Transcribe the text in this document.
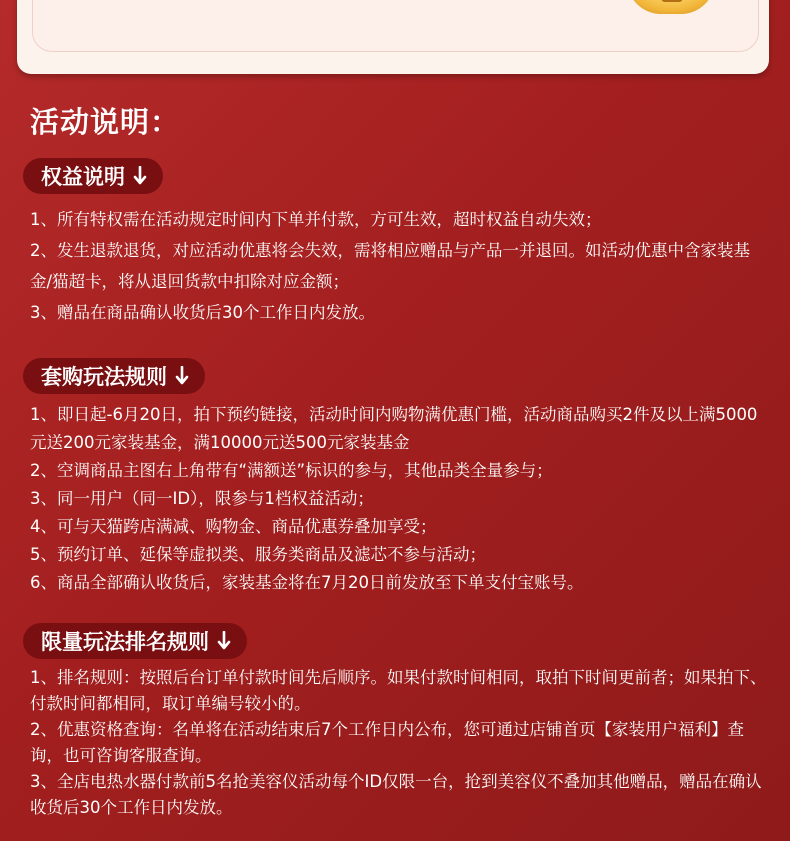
活动说明：
权益说明
1、所有特权需在活动规定时间内下单并付款，方可生效，超时权益自动失效；
2、发生退款退货，对应活动优惠将会失效，需将相应赠品与产品一并退回。如活动优惠中含家装基金/猫超卡，将从退回货款中扣除对应金额；
3、赠品在商品确认收货后30个工作日内发放。
套购玩法规则
1、即日起-6月20日，拍下预约链接，活动时间内购物满优惠门槛，活动商品购买2件及以上满5000元送200元家装基金，满10000元送500元家装基金
2、空调商品主图右上角带有“满额送”标识的参与，其他品类全量参与；
3、同一用户（同一ID），限参与1档权益活动；
4、可与天猫跨店满减、购物金、商品优惠券叠加享受；
5、预约订单、延保等虚拟类、服务类商品及滤芯不参与活动；
6、商品全部确认收货后，家装基金将在7月20日前发放至下单支付宝账号。
限量玩法排名规则
1、排名规则：按照后台订单付款时间先后顺序。如果付款时间相同，取拍下时间更前者；如果拍下、付款时间都相同，取订单编号较小的。
2、优惠资格查询：名单将在活动结束后7个工作日内公布，您可通过店铺首页【家装用户福利】查询，也可咨询客服查询。
3、全店电热水器付款前5名抢美容仪活动每个ID仅限一台，抢到美容仪不叠加其他赠品，赠品在确认收货后30个工作日内发放。
